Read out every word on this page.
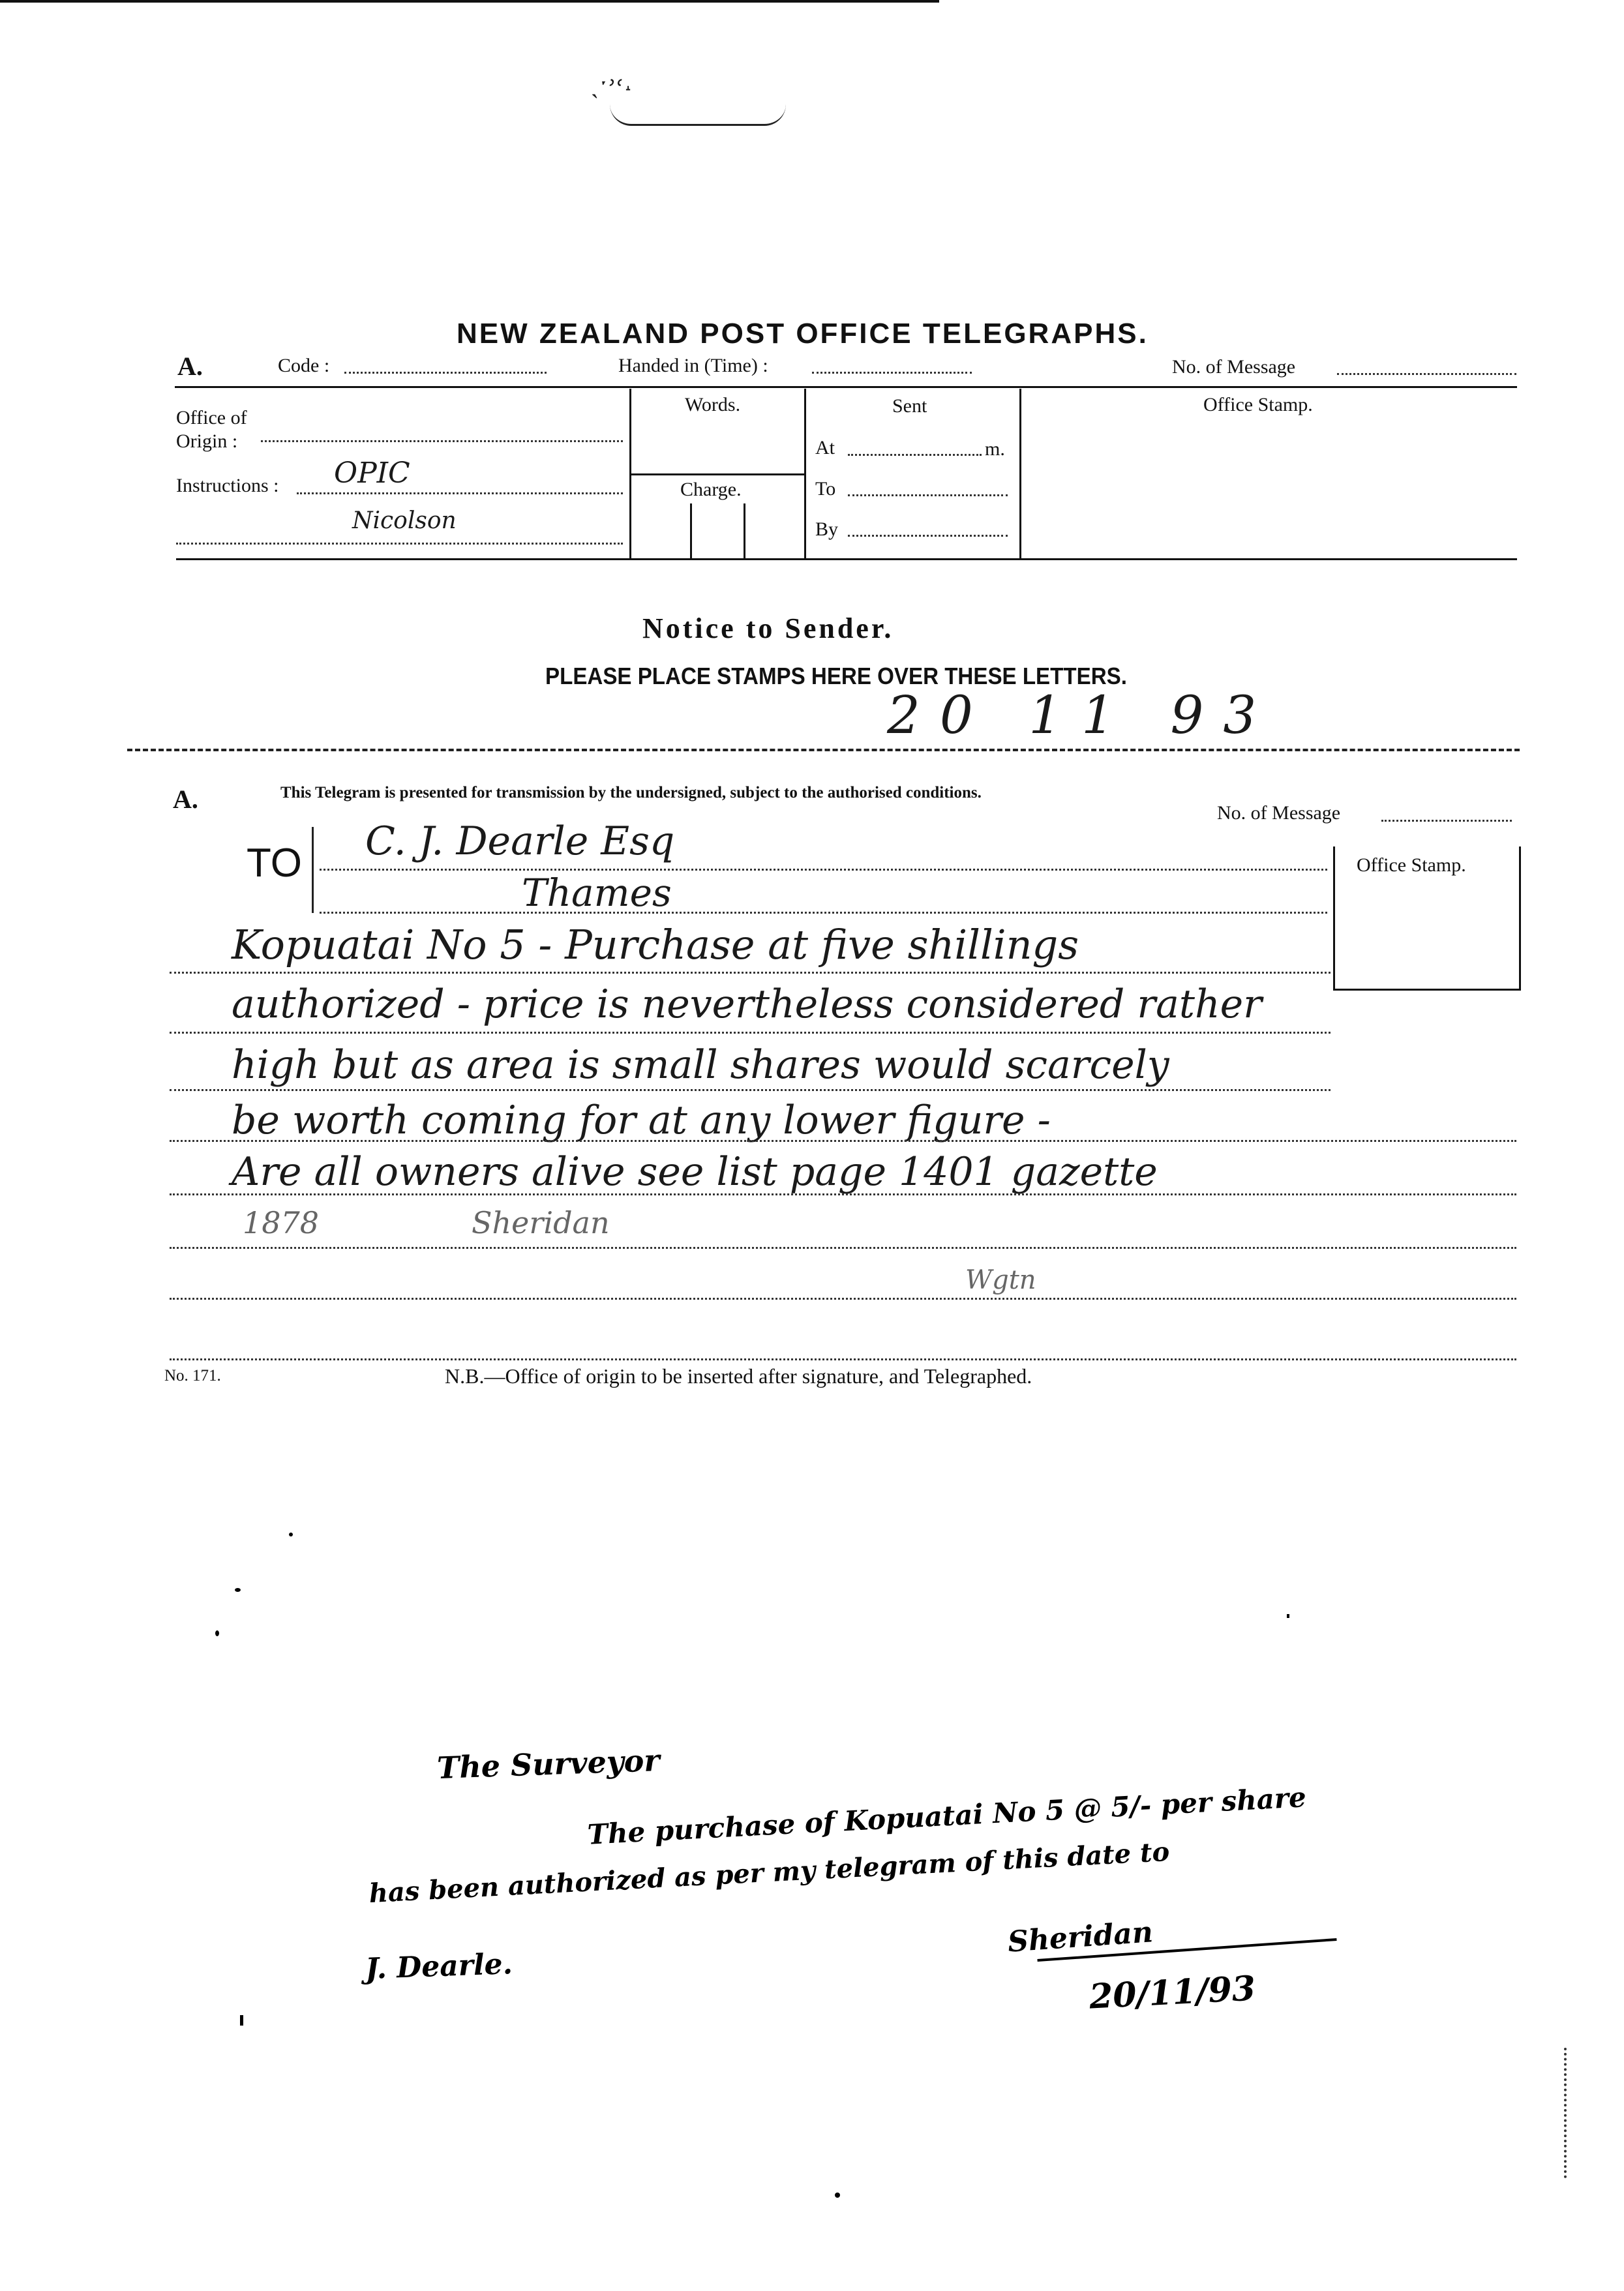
ˎˑ˒˓˔
NEW ZEALAND POST OFFICE TELEGRAPHS.
A.	Code :	Handed in (Time) :	No. of Message
Office of
Origin :
Instructions : OPIC
Nicolson
Words.
Charge.
Sent
At	m.
To
By
Office Stamp.
Notice to Sender.
PLEASE PLACE STAMPS HERE OVER THESE LETTERS.
20 11 93
A.	This Telegram is presented for transmission by the undersigned, subject to the authorised conditions.
No. of Message
TO C. J. Dearle Esq
Thames
Office Stamp.
Kopuatai No 5 - Purchase at five shillings
authorized - price is nevertheless considered rather
high but as area is small shares would scarcely
be worth coming for at any lower figure -
Are all owners alive see list page 1401 gazette
1878                Sheridan
Wgtn
No. 171.	N.B.—Office of origin to be inserted after signature, and Telegraphed.
The Surveyor
The purchase of Kopuatai No 5 @ 5/- per share
has been authorized as per my telegram of this date to
J. Dearle.
Sheridan
20/11/93
